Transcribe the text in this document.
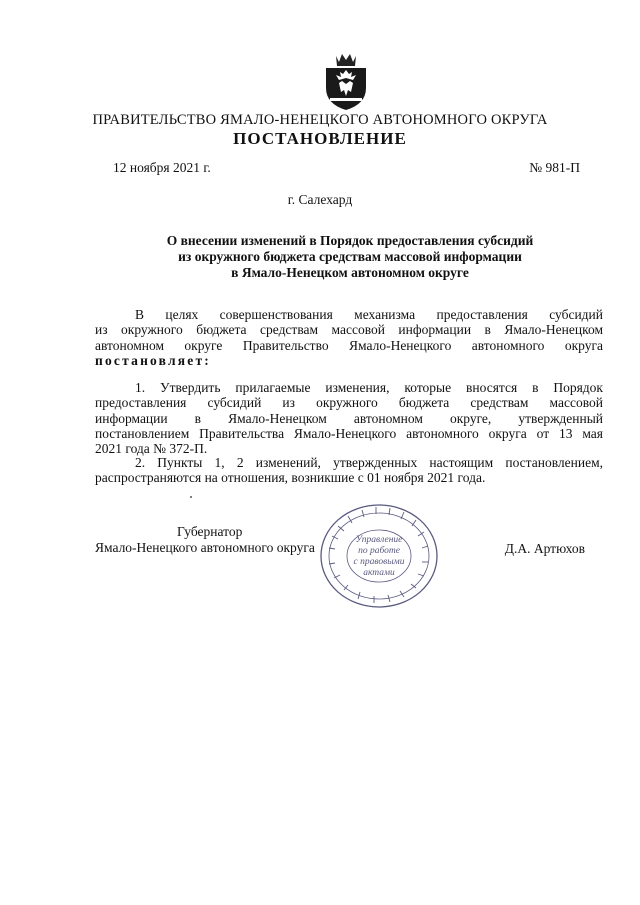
ПРАВИТЕЛЬСТВО ЯМАЛО-НЕНЕЦКОГО АВТОНОМНОГО ОКРУГА
ПОСТАНОВЛЕНИЕ
12 ноября 2021 г.	№ 981-П
г. Салехард
О внесении изменений в Порядок предоставления субсидий
из окружного бюджета средствам массовой информации
в Ямало-Ненецком автономном округе
В целях совершенствования механизма предоставления субсидий
из окружного бюджета средствам массовой информации в Ямало-Ненецком
автономном округе Правительство Ямало-Ненецкого автономного округа
постановляет:
1. Утвердить прилагаемые изменения, которые вносятся в Порядок
предоставления субсидий из окружного бюджета средствам массовой
информации в Ямало-Ненецком автономном округе, утвержденный
постановлением Правительства Ямало-Ненецкого автономного округа от 13 мая
2021 года № 372-П.
2. Пункты 1, 2 изменений, утвержденных настоящим постановлением,
распространяются на отношения, возникшие с 01 ноября 2021 года.
Губернатор
Ямало-Ненецкого автономного округа	Управление
по работе
с правовыми
актами
Д.А. Артюхов
